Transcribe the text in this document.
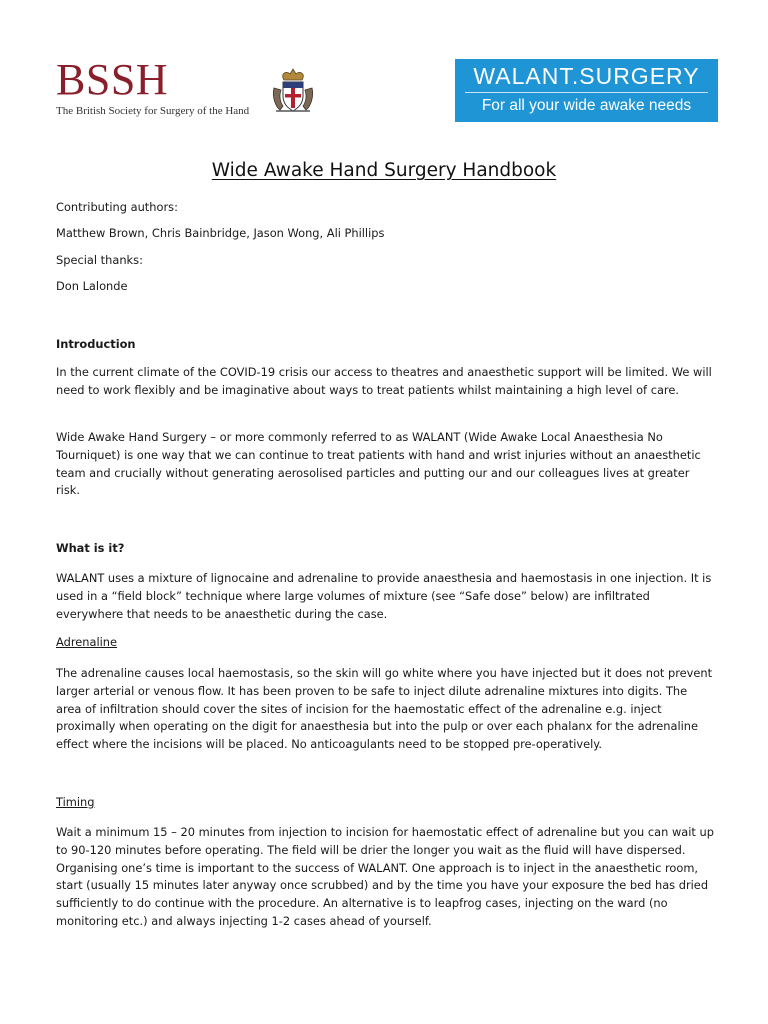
BSSH
The British Society for Surgery of the Hand
WALANT.SURGERY
For all your wide awake needs
Wide Awake Hand Surgery Handbook

Contributing authors:

Matthew Brown, Chris Bainbridge, Jason Wong, Ali Phillips

Special thanks:

Don Lalonde

Introduction

In the current climate of the COVID-19 crisis our access to theatres and anaesthetic support will be limited. We will need to work flexibly and be imaginative about ways to treat patients whilst maintaining a high level of care.

Wide Awake Hand Surgery – or more commonly referred to as WALANT (Wide Awake Local Anaesthesia No Tourniquet) is one way that we can continue to treat patients with hand and wrist injuries without an anaesthetic team and crucially without generating aerosolised particles and putting our and our colleagues lives at greater risk.

What is it?

WALANT uses a mixture of lignocaine and adrenaline to provide anaesthesia and haemostasis in one injection. It is used in a “field block” technique where large volumes of mixture (see “Safe dose” below) are infiltrated everywhere that needs to be anaesthetic during the case.

Adrenaline

The adrenaline causes local haemostasis, so the skin will go white where you have injected but it does not prevent larger arterial or venous flow. It has been proven to be safe to inject dilute adrenaline mixtures into digits. The area of infiltration should cover the sites of incision for the haemostatic effect of the adrenaline e.g. inject proximally when operating on the digit for anaesthesia but into the pulp or over each phalanx for the adrenaline effect where the incisions will be placed. No anticoagulants need to be stopped pre-operatively.

Timing

Wait a minimum 15 – 20 minutes from injection to incision for haemostatic effect of adrenaline but you can wait up to 90-120 minutes before operating. The field will be drier the longer you wait as the fluid will have dispersed. Organising one’s time is important to the success of WALANT. One approach is to inject in the anaesthetic room, start (usually 15 minutes later anyway once scrubbed) and by the time you have your exposure the bed has dried sufficiently to do continue with the procedure. An alternative is to leapfrog cases, injecting on the ward (no monitoring etc.) and always injecting 1-2 cases ahead of yourself.
